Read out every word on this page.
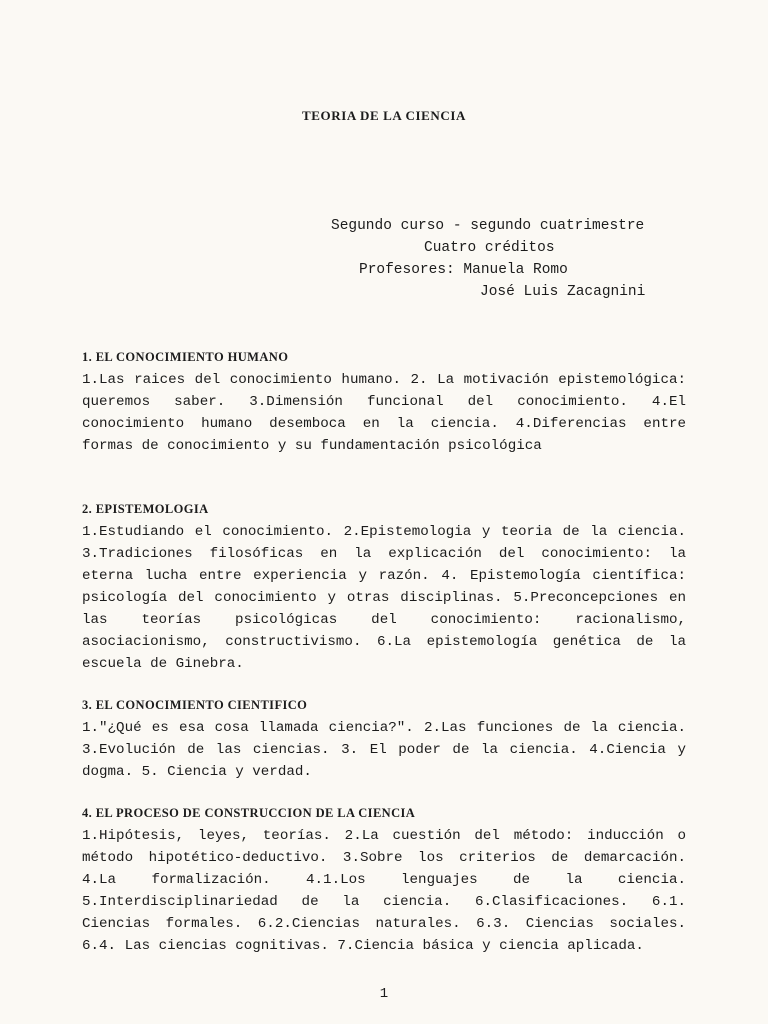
TEORIA DE LA CIENCIA
Segundo curso - segundo cuatrimestre
Cuatro créditos
Profesores: Manuela Romo
José Luis Zacagnini
1. EL CONOCIMIENTO HUMANO
1.Las raices del conocimiento humano. 2. La motivación epistemológica: queremos saber. 3.Dimensión funcional del conocimiento. 4.El conocimiento humano desemboca en la ciencia. 4.Diferencias entre formas de conocimiento y su fundamentación psicológica
2. EPISTEMOLOGIA
1.Estudiando el conocimiento. 2.Epistemologia y teoria de la ciencia. 3.Tradiciones filosóficas en la explicación del conocimiento: la eterna lucha entre experiencia y razón. 4. Epistemología científica: psicología del conocimiento y otras disciplinas. 5.Preconcepciones en las teorías psicológicas del conocimiento: racionalismo, asociacionismo, constructivismo. 6.La epistemología genética de la escuela de Ginebra.
3. EL CONOCIMIENTO CIENTIFICO
1."¿Qué es esa cosa llamada ciencia?". 2.Las funciones de la ciencia. 3.Evolución de las ciencias. 3. El poder de la ciencia. 4.Ciencia y dogma. 5. Ciencia y verdad.
4. EL PROCESO DE CONSTRUCCION DE LA CIENCIA
1.Hipótesis, leyes, teorías. 2.La cuestión del método: inducción o método hipotético-deductivo. 3.Sobre los criterios de demarcación. 4.La formalización. 4.1.Los lenguajes de la ciencia. 5.Interdisciplinariedad de la ciencia. 6.Clasificaciones. 6.1. Ciencias formales. 6.2.Ciencias naturales. 6.3. Ciencias sociales. 6.4. Las ciencias cognitivas. 7.Ciencia básica y ciencia aplicada.
1
